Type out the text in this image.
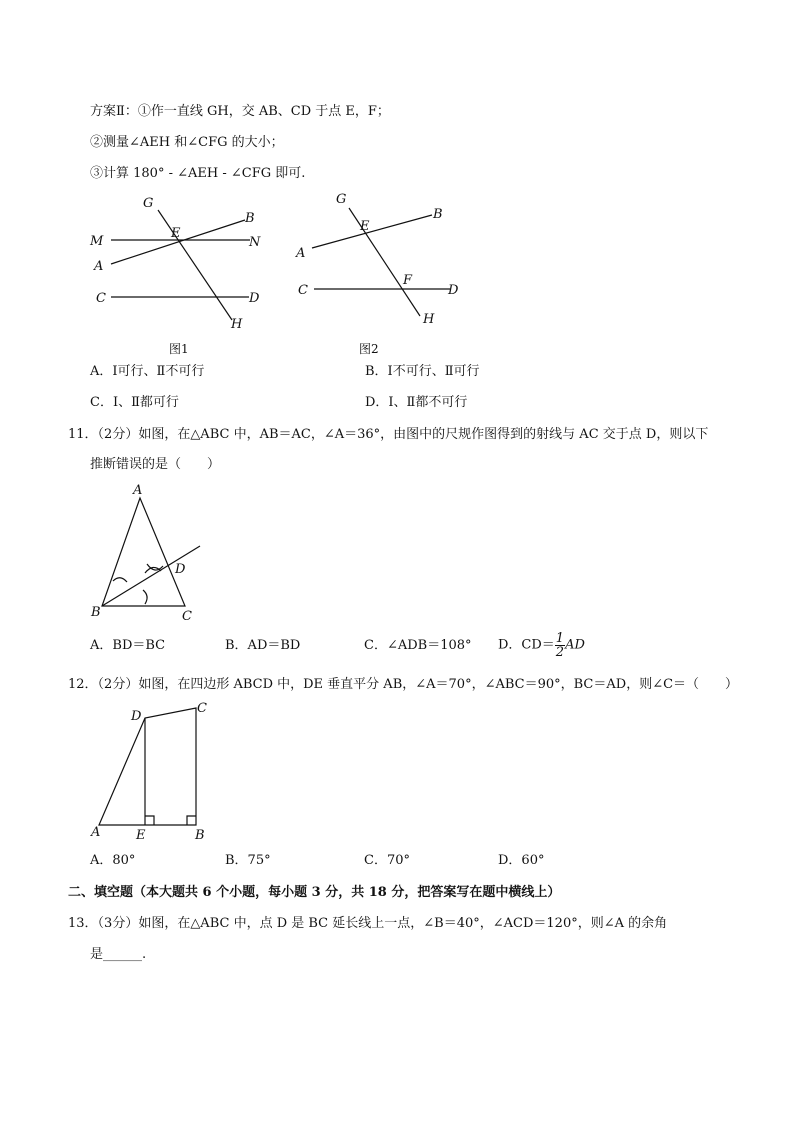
方案Ⅱ：①作一直线 GH，交 AB、CD 于点 E，F；
②测量∠AEH 和∠CFG 的大小；
③计算 180° - ∠AEH - ∠CFG 即可.
G
B
M
E
N
A
C	D
H
图1
G
E
B
A
C
F
D
H
图2
A．Ⅰ可行、Ⅱ不可行	B．Ⅰ不可行、Ⅱ可行
C．Ⅰ、Ⅱ都可行	D．Ⅰ、Ⅱ都不可行
11．（2分）如图，在△ABC 中，AB＝AC，∠A＝36°，由图中的尺规作图得到的射线与 AC 交于点 D，则以下
推断错误的是（　　）
A
B	C
D
A．BD＝BC	B．AD＝BD	C．∠ADB＝108° D．$CD= \frac{1}{2}$ AD
12．（2分）如图，在四边形 ABCD 中，DE 垂直平分 AB，∠A＝70°，∠ABC＝90°，BC＝AD，则∠C＝（　　）
A	E	B
D
C
A．80°	B．75°	C．70°	D．60°
二、填空题（本大题共 6 个小题，每小题 3 分，共 18 分，把答案写在题中横线上）
13．（3分）如图，在△ABC 中，点 D 是 BC 延长线上一点，∠B＝40°，∠ACD＝120°，则∠A 的余角
是______.
